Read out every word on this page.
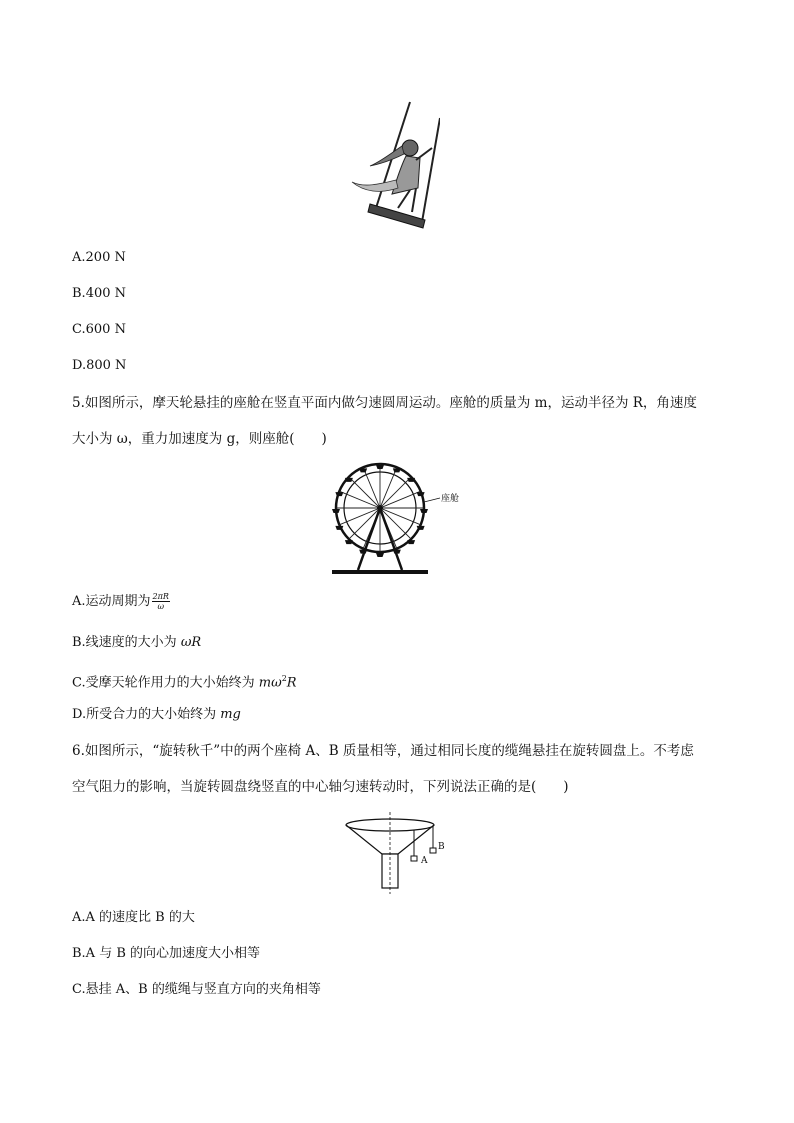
A.200 N
B.400 N
C.600 N
D.800 N
5.如图所示，摩天轮悬挂的座舱在竖直平面内做匀速圆周运动。座舱的质量为 m，运动半径为 R，角速度
大小为 ω，重力加速度为 g，则座舱(　　)
座舱
A.运动周期为 $\frac{2\pi R}{\omega}$
B.线速度的大小为 ωR
C.受摩天轮作用力的大小始终为 $m\omega^2R$
D.所受合力的大小始终为 mg
6.如图所示，“旋转秋千”中的两个座椅 A、B 质量相等，通过相同长度的缆绳悬挂在旋转圆盘上。不考虑
空气阻力的影响，当旋转圆盘绕竖直的中心轴匀速转动时，下列说法正确的是(　　)
A
B
A.A 的速度比 B 的大
B.A 与 B 的向心加速度大小相等
C.悬挂 A、B 的缆绳与竖直方向的夹角相等
